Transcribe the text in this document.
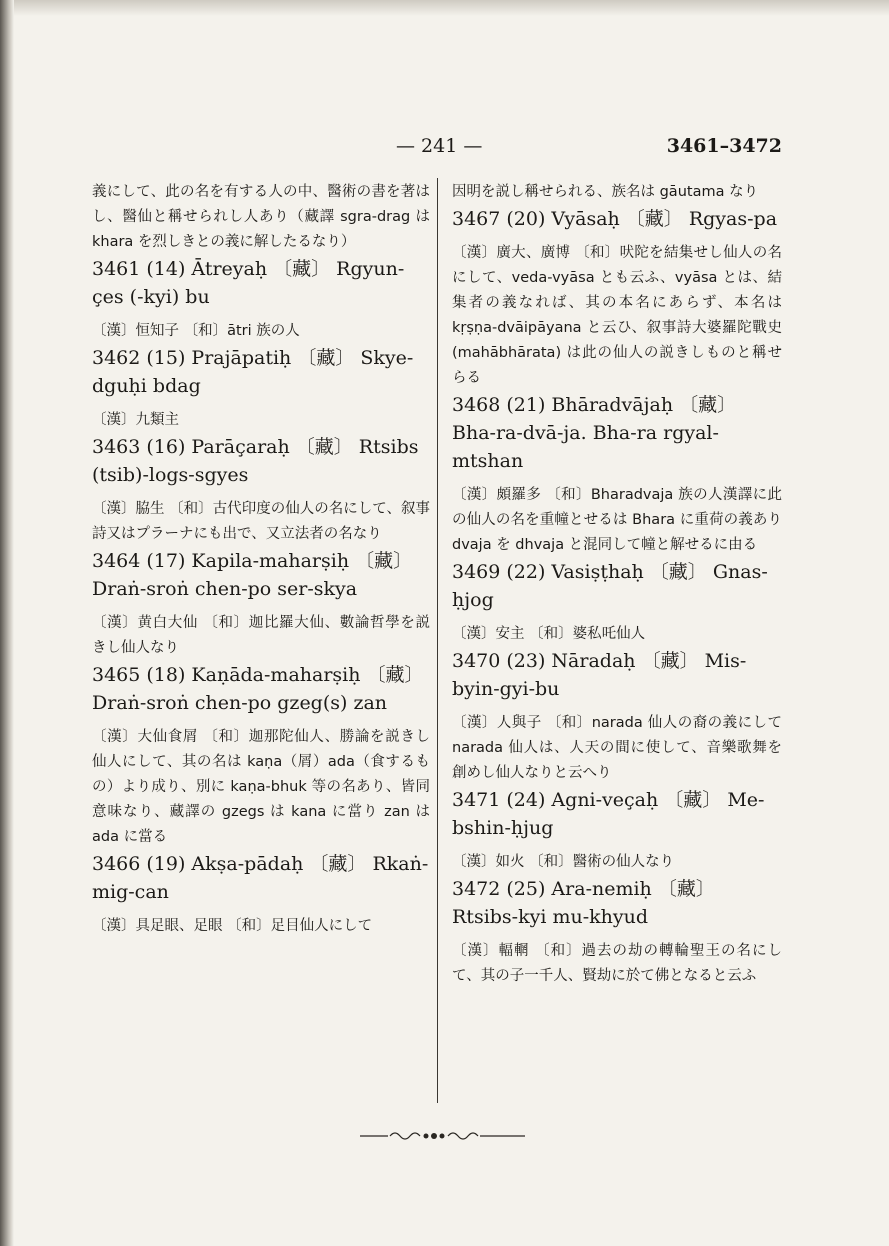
— 241 —	3461–3472
義にして、此の名を有する人の中、醫術の書を著はし、醫仙と稱せられし人あり（藏譯 sgra-drag は khara を烈しきとの義に解したるなり）
3461 (14) Ātreyaḥ 〔藏〕 Rgyun-çes (-kyi) bu
〔漢〕恒知子 〔和〕ātri 族の人
3462 (15) Prajāpatiḥ 〔藏〕 Skye-dguḥi bdag
〔漢〕九類主
3463 (16) Parāçaraḥ 〔藏〕 Rtsibs (tsib)-logs-sgyes
〔漢〕脇生 〔和〕古代印度の仙人の名にして、叙事詩又はプラーナにも出で、又立法者の名なり
3464 (17) Kapila-maharṣiḥ 〔藏〕 Draṅ-sroṅ chen-po ser-skya
〔漢〕黄白大仙 〔和〕迦比羅大仙、數論哲學を説きし仙人なり
3465 (18) Kaṇāda-maharṣiḥ 〔藏〕 Draṅ-sroṅ chen-po gzeg(s) zan
〔漢〕大仙食屑 〔和〕迦那陀仙人、勝論を説きし仙人にして、其の名は kaṇa（屑）ada（食するもの）より成り、別に kaṇa-bhuk 等の名あり、皆同意味なり、藏譯の gzegs は kana に當り zan は ada に當る
3466 (19) Akṣa-pādaḥ 〔藏〕 Rkaṅ-mig-can
〔漢〕具足眼、足眼 〔和〕足目仙人にして
因明を説し稱せられる、族名は gāutama なり
3467 (20) Vyāsaḥ 〔藏〕 Rgyas-pa
〔漢〕廣大、廣博 〔和〕吠陀を結集せし仙人の名にして、veda-vyāsa とも云ふ、vyāsa とは、結集者の義なれば、其の本名にあらず、本名は kṛṣṇa-dvāipāyana と云ひ、叙事詩大婆羅陀戰史 (mahābhārata) は此の仙人の説きしものと稱せらる
3468 (21) Bhāradvājaḥ 〔藏〕 Bha-ra-dvā-ja. Bha-ra rgyal-mtshan
〔漢〕頗羅多 〔和〕Bharadvaja 族の人漢譯に此の仙人の名を重幢とせるは Bhara に重荷の義あり dvaja を dhvaja と混同して幢と解せるに由る
3469 (22) Vasiṣṭhaḥ 〔藏〕 Gnas-ḥjog
〔漢〕安主 〔和〕婆私吒仙人
3470 (23) Nāradaḥ 〔藏〕 Mis-byin-gyi-bu
〔漢〕人與子 〔和〕narada 仙人の裔の義にして narada 仙人は、人天の間に使して、音樂歌舞を創めし仙人なりと云へり
3471 (24) Agni-veçaḥ 〔藏〕 Me-bshin-ḥjug
〔漢〕如火 〔和〕醫術の仙人なり
3472 (25) Ara-nemiḥ 〔藏〕 Rtsibs-kyi mu-khyud
〔漢〕輻輞 〔和〕過去の劫の轉輪聖王の名にして、其の子一千人、賢劫に於て佛となると云ふ
